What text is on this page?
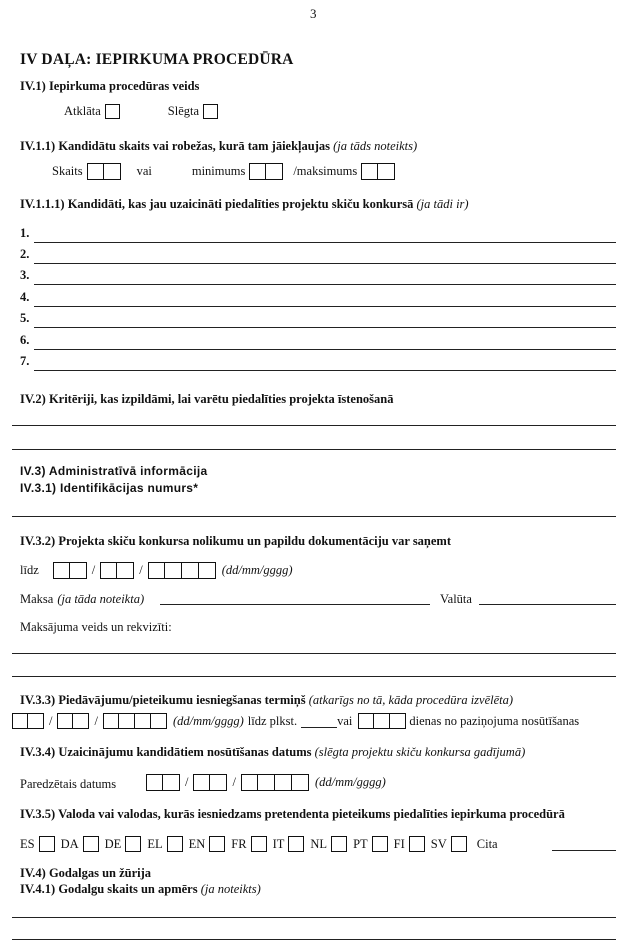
3
IV DAĻA: IEPIRKUMA PROCEDŪRA
IV.1) Iepirkuma procedūras veids
Atklāta	Slēgta
IV.1.1) Kandidātu skaits vai robežas, kurā tam jāiekļaujas (ja tāds noteikts)
Skaits	vai	minimums	/maksimums
IV.1.1.1) Kandidāti, kas jau uzaicināti piedalīties projektu skiču konkursā (ja tādi ir)
1.
2.
3.
4.
5.
6.
7.
IV.2) Kritēriji, kas izpildāmi, lai varētu piedalīties projekta īstenošanā
IV.3) Administratīvā informācija
IV.3.1) Identifikācijas numurs*
IV.3.2) Projekta skiču konkursa nolikumu un papildu dokumentāciju var saņemt
līdz	/	/	(dd/mm/gggg)
Maksa (ja tāda noteikta)	Valūta
Maksājuma veids un rekvizīti:
IV.3.3) Piedāvājumu/pieteikumu iesniegšanas termiņš (atkarīgs no tā, kāda procedūra izvēlēta)
/	/	(dd/mm/gggg) līdz plkst.	vai	dienas no paziņojuma nosūtīšanas
IV.3.4) Uzaicinājumu kandidātiem nosūtīšanas datums (slēgta projektu skiču konkursa gadījumā)
Paredzētais datums	/	/	(dd/mm/gggg)
IV.3.5) Valoda vai valodas, kurās iesniedzams pretendenta pieteikums piedalīties iepirkuma procedūrā
ES DA DE EL EN FR IT NL PT FI SV Cita
IV.4) Godalgas un žūrija
IV.4.1) Godalgu skaits un apmērs (ja noteikts)
